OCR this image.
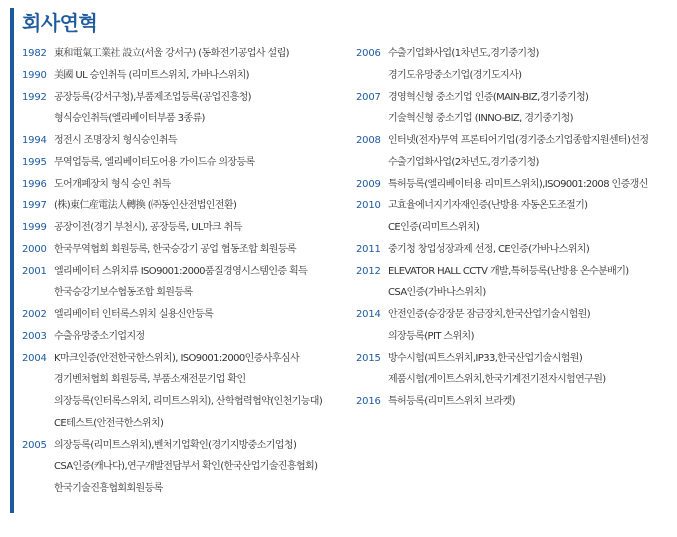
회사연혁
1982 東和電氣工業社 設立(서울 강서구) (동화전기공업사 설립)
1990 美國 UL 승인취득 (리미트스위치, 가바나스위치)
1992 공장등록(강서구청),부품제조업등록(공업진흥청)
형식승인취득(엘리베이터부품 3종류)
1994 정전시 조명장치 형식승인취득
1995 무역업등록, 엘리베이터도어용 가이드슈 의장등록
1996 도어개폐장치 형식 승인 취득
1997 (株)東仁産電法人轉換 (㈜동인산전법인전환)
1999 공장이전(경기 부천시), 공장등록, UL마크 취득
2000 한국무역협회 회원등록, 한국승강기 공업 협동조합 회원등록
2001 엘리베이터 스위치류 ISO9001:2000품질경영시스템인증 획득
한국승강기보수협동조합 회원등록
2002 엘리베이터 인터록스위치 실용신안등록
2003 수출유망중소기업지정
2004 K마크인증(안전한국한스위치), ISO9001:2000인증사후심사
경기벤처협회 회원등록, 부품소재전문기업 확인
의장등록(인터록스위치, 리미트스위치), 산학협력협약(인천기능대)
CE테스트(안전극한스위치)
2005 의장등록(리미트스위치),벤처기업확인(경기지방중소기업청)
CSA인증(캐나다),연구개발전담부서 확인(한국산업기술진흥협회)
한국기술진흥협회회원등록
2006 수출기업화사업(1차년도,경기중기청)
경기도유망중소기업(경기도지사)
2007 경영혁신형 중소기업 인증(MAIN-BIZ,경기중기청)
기술혁신형 중소기업 (INNO-BIZ, 경기중기청)
2008 인터넷(전자)무역 프론티어기업(경기중소기업종합지원센터)선정
수출기업화사업(2차년도,경기중기청)
2009 특허등록(엘리베이터용 리미트스위치),ISO9001:2008 인증갱신
2010 고효율에너지기자재인증(난방용 자동온도조절기)
CE인증(리미트스위치)
2011 중기청 창업성장과제 선정, CE인증(가바나스위치)
2012 ELEVATOR HALL CCTV 개발,특허등록(난방용 온수분배기)
CSA인증(가바나스위치)
2014 안전인증(승강장문 잠금장치,한국산업기술시험원)
의장등록(PIT 스위치)
2015 방수시험(피트스위치,IP33,한국산업기술시험원)
제품시험(게이트스위치,한국기계전기전자시험연구원)
2016 특허등록(리미트스위치 브라켓)
